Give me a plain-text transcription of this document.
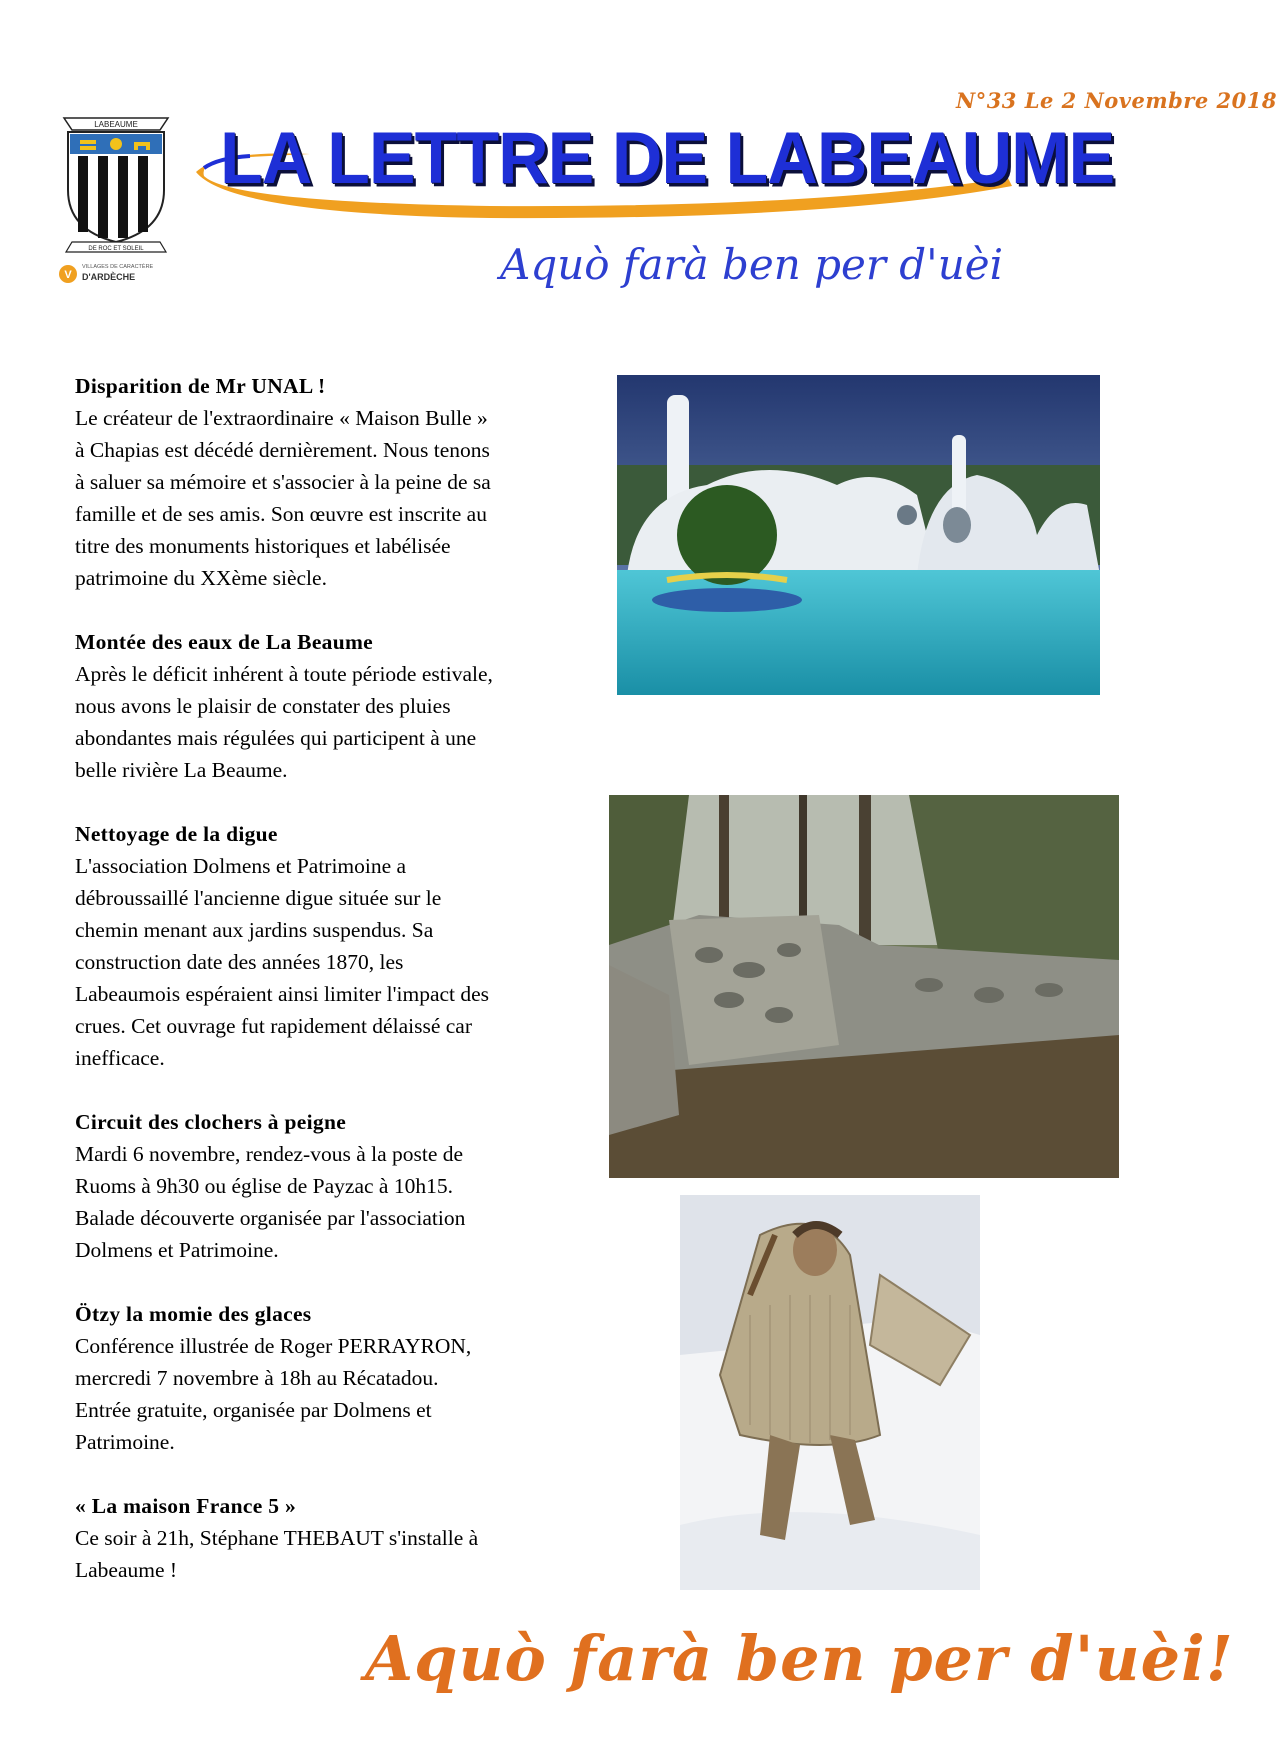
N°33 Le 2 Novembre 2018
LABEAUME
DE ROC ET SOLEIL
V
VILLAGES DE CARACTÈRE
D'ARDÈCHE
LA LETTRE DE LABEAUME
Aquò farà ben per d'uèi
Disparition de Mr UNAL !
Le créateur de l'extraordinaire « Maison Bulle »
à Chapias est décédé dernièrement. Nous tenons
à saluer sa mémoire et s'associer à la peine de sa
famille et de ses amis. Son œuvre est inscrite au
titre des monuments historiques et labélisée
patrimoine du XXème siècle.
Montée des eaux de La Beaume
Après le déficit inhérent à toute période estivale,
nous avons le plaisir de constater des pluies
abondantes mais régulées qui participent à une
belle rivière La Beaume.
Nettoyage de la digue
L'association Dolmens et Patrimoine a
débroussaillé l'ancienne digue située sur le
chemin menant aux jardins suspendus. Sa
construction date des années 1870, les
Labeaumois espéraient ainsi limiter l'impact des
crues. Cet ouvrage fut rapidement délaissé car
inefficace.
Circuit des clochers à peigne
Mardi 6 novembre, rendez-vous à la poste de
Ruoms à 9h30 ou église de Payzac à 10h15.
Balade découverte organisée par l'association
Dolmens et Patrimoine.
Ötzy la momie des glaces
Conférence illustrée de Roger PERRAYRON,
mercredi 7 novembre à 18h au Récatadou.
Entrée gratuite, organisée par Dolmens et
Patrimoine.
« La maison France 5 »
Ce soir à 21h, Stéphane THEBAUT s'installe à
Labeaume !
Aquò farà ben per d'uèi!
